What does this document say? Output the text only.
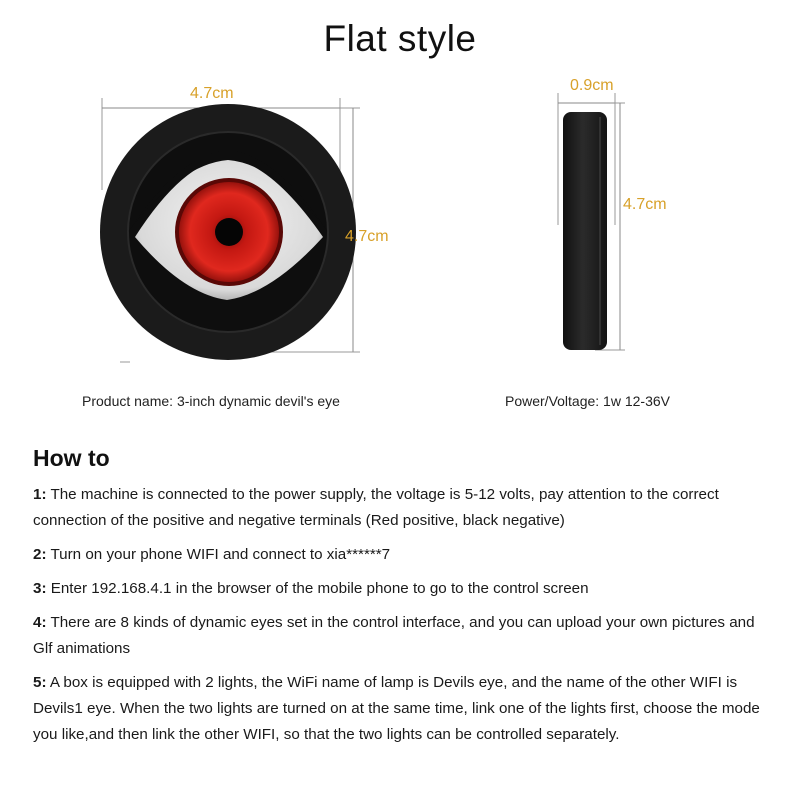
Flat style
4.7cm
4.7cm
0.9cm
4.7cm
Product name: 3-inch dynamic devil's eye	Power/Voltage: 1w 12-36V
How to

1: The machine is connected to the power supply, the voltage is 5-12 volts, pay attention to the correct connection of the positive and negative terminals (Red positive, black negative)

2: Turn on your phone WIFI and connect to xia******7

3: Enter 192.168.4.1 in the browser of the mobile phone to go to the control screen

4: There are 8 kinds of dynamic eyes set in the control interface, and you can upload your own pictures and Glf animations

5: A box is equipped with 2 lights, the WiFi name of lamp is Devils eye, and the name of the other WIFI is Devils1 eye. When the two lights are turned on at the same time, link one of the lights first, choose the mode you like,and then link the other WIFI, so that the two lights can be controlled separately.
